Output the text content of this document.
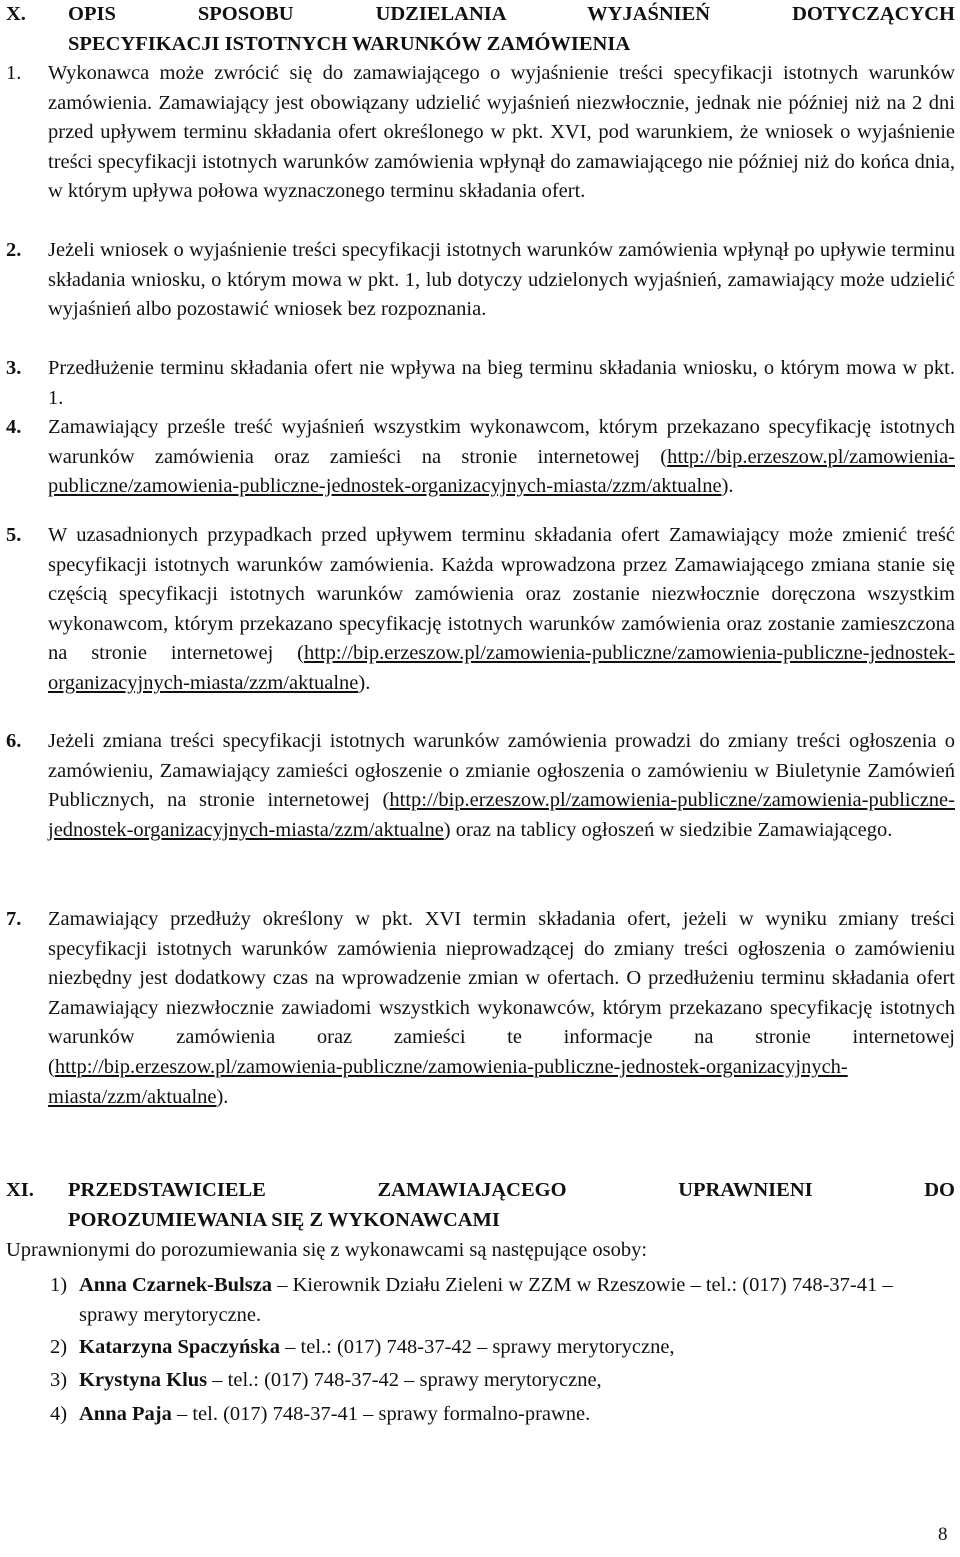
X. OPIS SPOSOBU UDZIELANIA WYJAŚNIEŃ DOTYCZĄCYCH
SPECYFIKACJI ISTOTNYCH WARUNKÓW ZAMÓWIENIA
1. Wykonawca może zwrócić się do zamawiającego o wyjaśnienie treści specyfikacji istotnych warunków zamówienia. Zamawiający jest obowiązany udzielić wyjaśnień niezwłocznie, jednak nie później niż na 2 dni przed upływem terminu składania ofert określonego w pkt. XVI, pod warunkiem, że wniosek o wyjaśnienie treści specyfikacji istotnych warunków zamówienia wpłynął do zamawiającego nie później niż do końca dnia, w którym upływa połowa wyznaczonego terminu składania ofert.
2. Jeżeli wniosek o wyjaśnienie treści specyfikacji istotnych warunków zamówienia wpłynął po upływie terminu składania wniosku, o którym mowa w pkt. 1, lub dotyczy udzielonych wyjaśnień, zamawiający może udzielić wyjaśnień albo pozostawić wniosek bez rozpoznania.
3. Przedłużenie terminu składania ofert nie wpływa na bieg terminu składania wniosku, o którym mowa w pkt. 1.
4. Zamawiający prześle treść wyjaśnień wszystkim wykonawcom, którym przekazano specyfikację istotnych warunków zamówienia oraz zamieści na stronie internetowej (http://bip.erzeszow.pl/zamowienia-publiczne/zamowienia-publiczne-jednostek-organizacyjnych-miasta/zzm/aktualne).
5. W uzasadnionych przypadkach przed upływem terminu składania ofert Zamawiający może zmienić treść specyfikacji istotnych warunków zamówienia. Każda wprowadzona przez Zamawiającego zmiana stanie się częścią specyfikacji istotnych warunków zamówienia oraz zostanie niezwłocznie doręczona wszystkim wykonawcom, którym przekazano specyfikację istotnych warunków zamówienia oraz zostanie zamieszczona na stronie internetowej (http://bip.erzeszow.pl/zamowienia-publiczne/zamowienia-publiczne-jednostek-organizacyjnych-miasta/zzm/aktualne).
6. Jeżeli zmiana treści specyfikacji istotnych warunków zamówienia prowadzi do zmiany treści ogłoszenia o zamówieniu, Zamawiający zamieści ogłoszenie o zmianie ogłoszenia o zamówieniu w Biuletynie Zamówień Publicznych, na stronie internetowej (http://bip.erzeszow.pl/zamowienia-publiczne/zamowienia-publiczne-jednostek-organizacyjnych-miasta/zzm/aktualne) oraz na tablicy ogłoszeń w siedzibie Zamawiającego.
7. Zamawiający przedłuży określony w pkt. XVI termin składania ofert, jeżeli w wyniku zmiany treści specyfikacji istotnych warunków zamówienia nieprowadzącej do zmiany treści ogłoszenia o zamówieniu niezbędny jest dodatkowy czas na wprowadzenie zmian w ofertach. O przedłużeniu terminu składania ofert Zamawiający niezwłocznie zawiadomi wszystkich wykonawców, którym przekazano specyfikację istotnych warunków zamówienia oraz zamieści te informacje na stronie internetowej (http://bip.erzeszow.pl/zamowienia-publiczne/zamowienia-publiczne-jednostek-organizacyjnych-miasta/zzm/aktualne).
XI. PRZEDSTAWICIELE ZAMAWIAJĄCEGO UPRAWNIENI DO
POROZUMIEWANIA SIĘ Z WYKONAWCAMI
Uprawnionymi do porozumiewania się z wykonawcami są następujące osoby:
1) Anna Czarnek-Bulsza – Kierownik Działu Zieleni w ZZM w Rzeszowie – tel.: (017) 748-37-41 – sprawy merytoryczne.
2) Katarzyna Spaczyńska – tel.: (017) 748-37-42 – sprawy merytoryczne,
3) Krystyna Klus – tel.: (017) 748-37-42 – sprawy merytoryczne,
4) Anna Paja – tel. (017) 748-37-41 – sprawy formalno-prawne.
8
